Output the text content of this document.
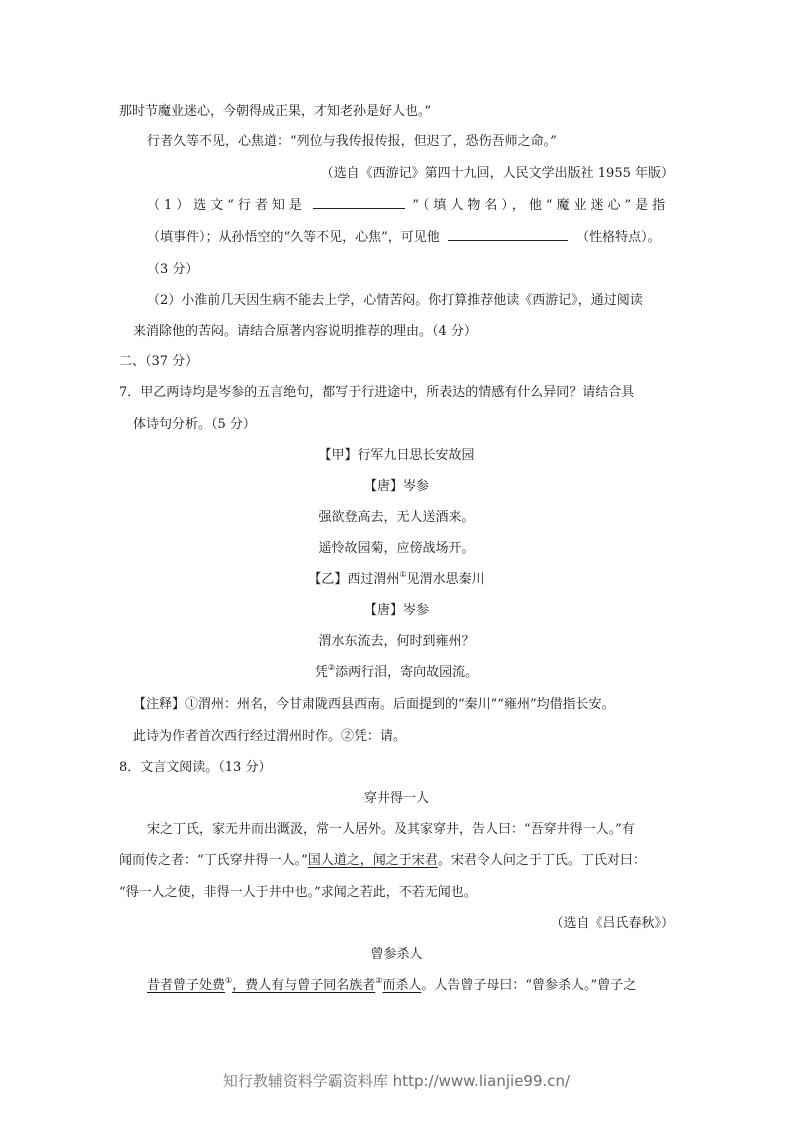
那时节魔业迷心，今朝得成正果，才知老孙是好人也。”
行者久等不见，心焦道：“列位与我传报传报，但迟了，恐伤吾师之命。”
（选自《西游记》第四十九回，人民文学出版社 1955 年版）
（1）选文“行者知是	”（填人物名），他“魔业迷心”是指
（填事件）；从孙悟空的“久等不见，心焦”，可见他	（性格特点）。
（3 分）
（2）小淮前几天因生病不能去上学，心情苦闷。你打算推荐他读《西游记》，通过阅读
来消除他的苦闷。请结合原著内容说明推荐的理由。（4 分）
二、（37 分）
7．甲乙两诗均是岑参的五言绝句，都写于行进途中，所表达的情感有什么异同？请结合具
体诗句分析。（5 分）
【甲】行军九日思长安故园
【唐】岑参
强欲登高去，无人送酒来。
遥怜故园菊，应傍战场开。
【乙】西过渭州①见渭水思秦川
【唐】岑参
渭水东流去，何时到雍州？
凭②添两行泪，寄向故园流。
【注释】①渭州：州名，今甘肃陇西县西南。后面提到的“秦川”“雍州”均借指长安。
此诗为作者首次西行经过渭州时作。②凭：请。
8．文言文阅读。（13 分）
穿井得一人
宋之丁氏，家无井而出溉汲，常一人居外。及其家穿井，告人曰：“吾穿井得一人。”有
闻而传之者：“丁氏穿井得一人。”国人道之，闻之于宋君。宋君令人问之于丁氏。丁氏对曰：
“得一人之使，非得一人于井中也。”求闻之若此，不若无闻也。
（选自《吕氏春秋》）
曾参杀人
昔者曾子处费①，费人有与曾子同名族者②而杀人。人告曾子母曰：“曾参杀人。”曾子之
知行教辅资料学霸资料库 http://www.lianjie99.cn/
